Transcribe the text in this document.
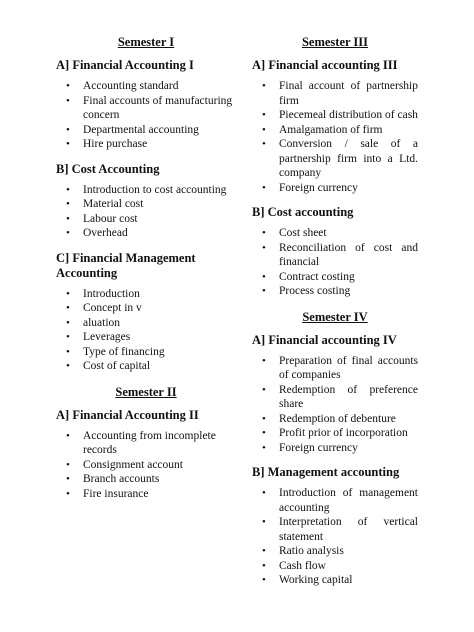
Semester I
A] Financial Accounting I
• Accounting standard
• Final accounts of manufacturing concern
• Departmental accounting
• Hire purchase
B] Cost Accounting
• Introduction to cost accounting
• Material cost
• Labour cost
• Overhead
C] Financial Management Accounting
• Introduction
• Concept in v
• aluation
• Leverages
• Type of financing
• Cost of capital
Semester II
A] Financial Accounting II
• Accounting from incomplete records
• Consignment account
• Branch accounts
• Fire insurance
Semester III
A] Financial accounting III
• Final account of partnership firm
• Piecemeal distribution of cash
• Amalgamation of firm
• Conversion / sale of a partnership firm into a Ltd. company
• Foreign currency
B] Cost accounting
• Cost sheet
• Reconciliation of cost and financial
• Contract costing
• Process costing
Semester IV
A] Financial accounting IV
• Preparation of final accounts of companies
• Redemption of preference share
• Redemption of debenture
• Profit prior of incorporation
• Foreign currency
B] Management accounting
• Introduction of management accounting
• Interpretation of vertical statement
• Ratio analysis
• Cash flow
• Working capital
